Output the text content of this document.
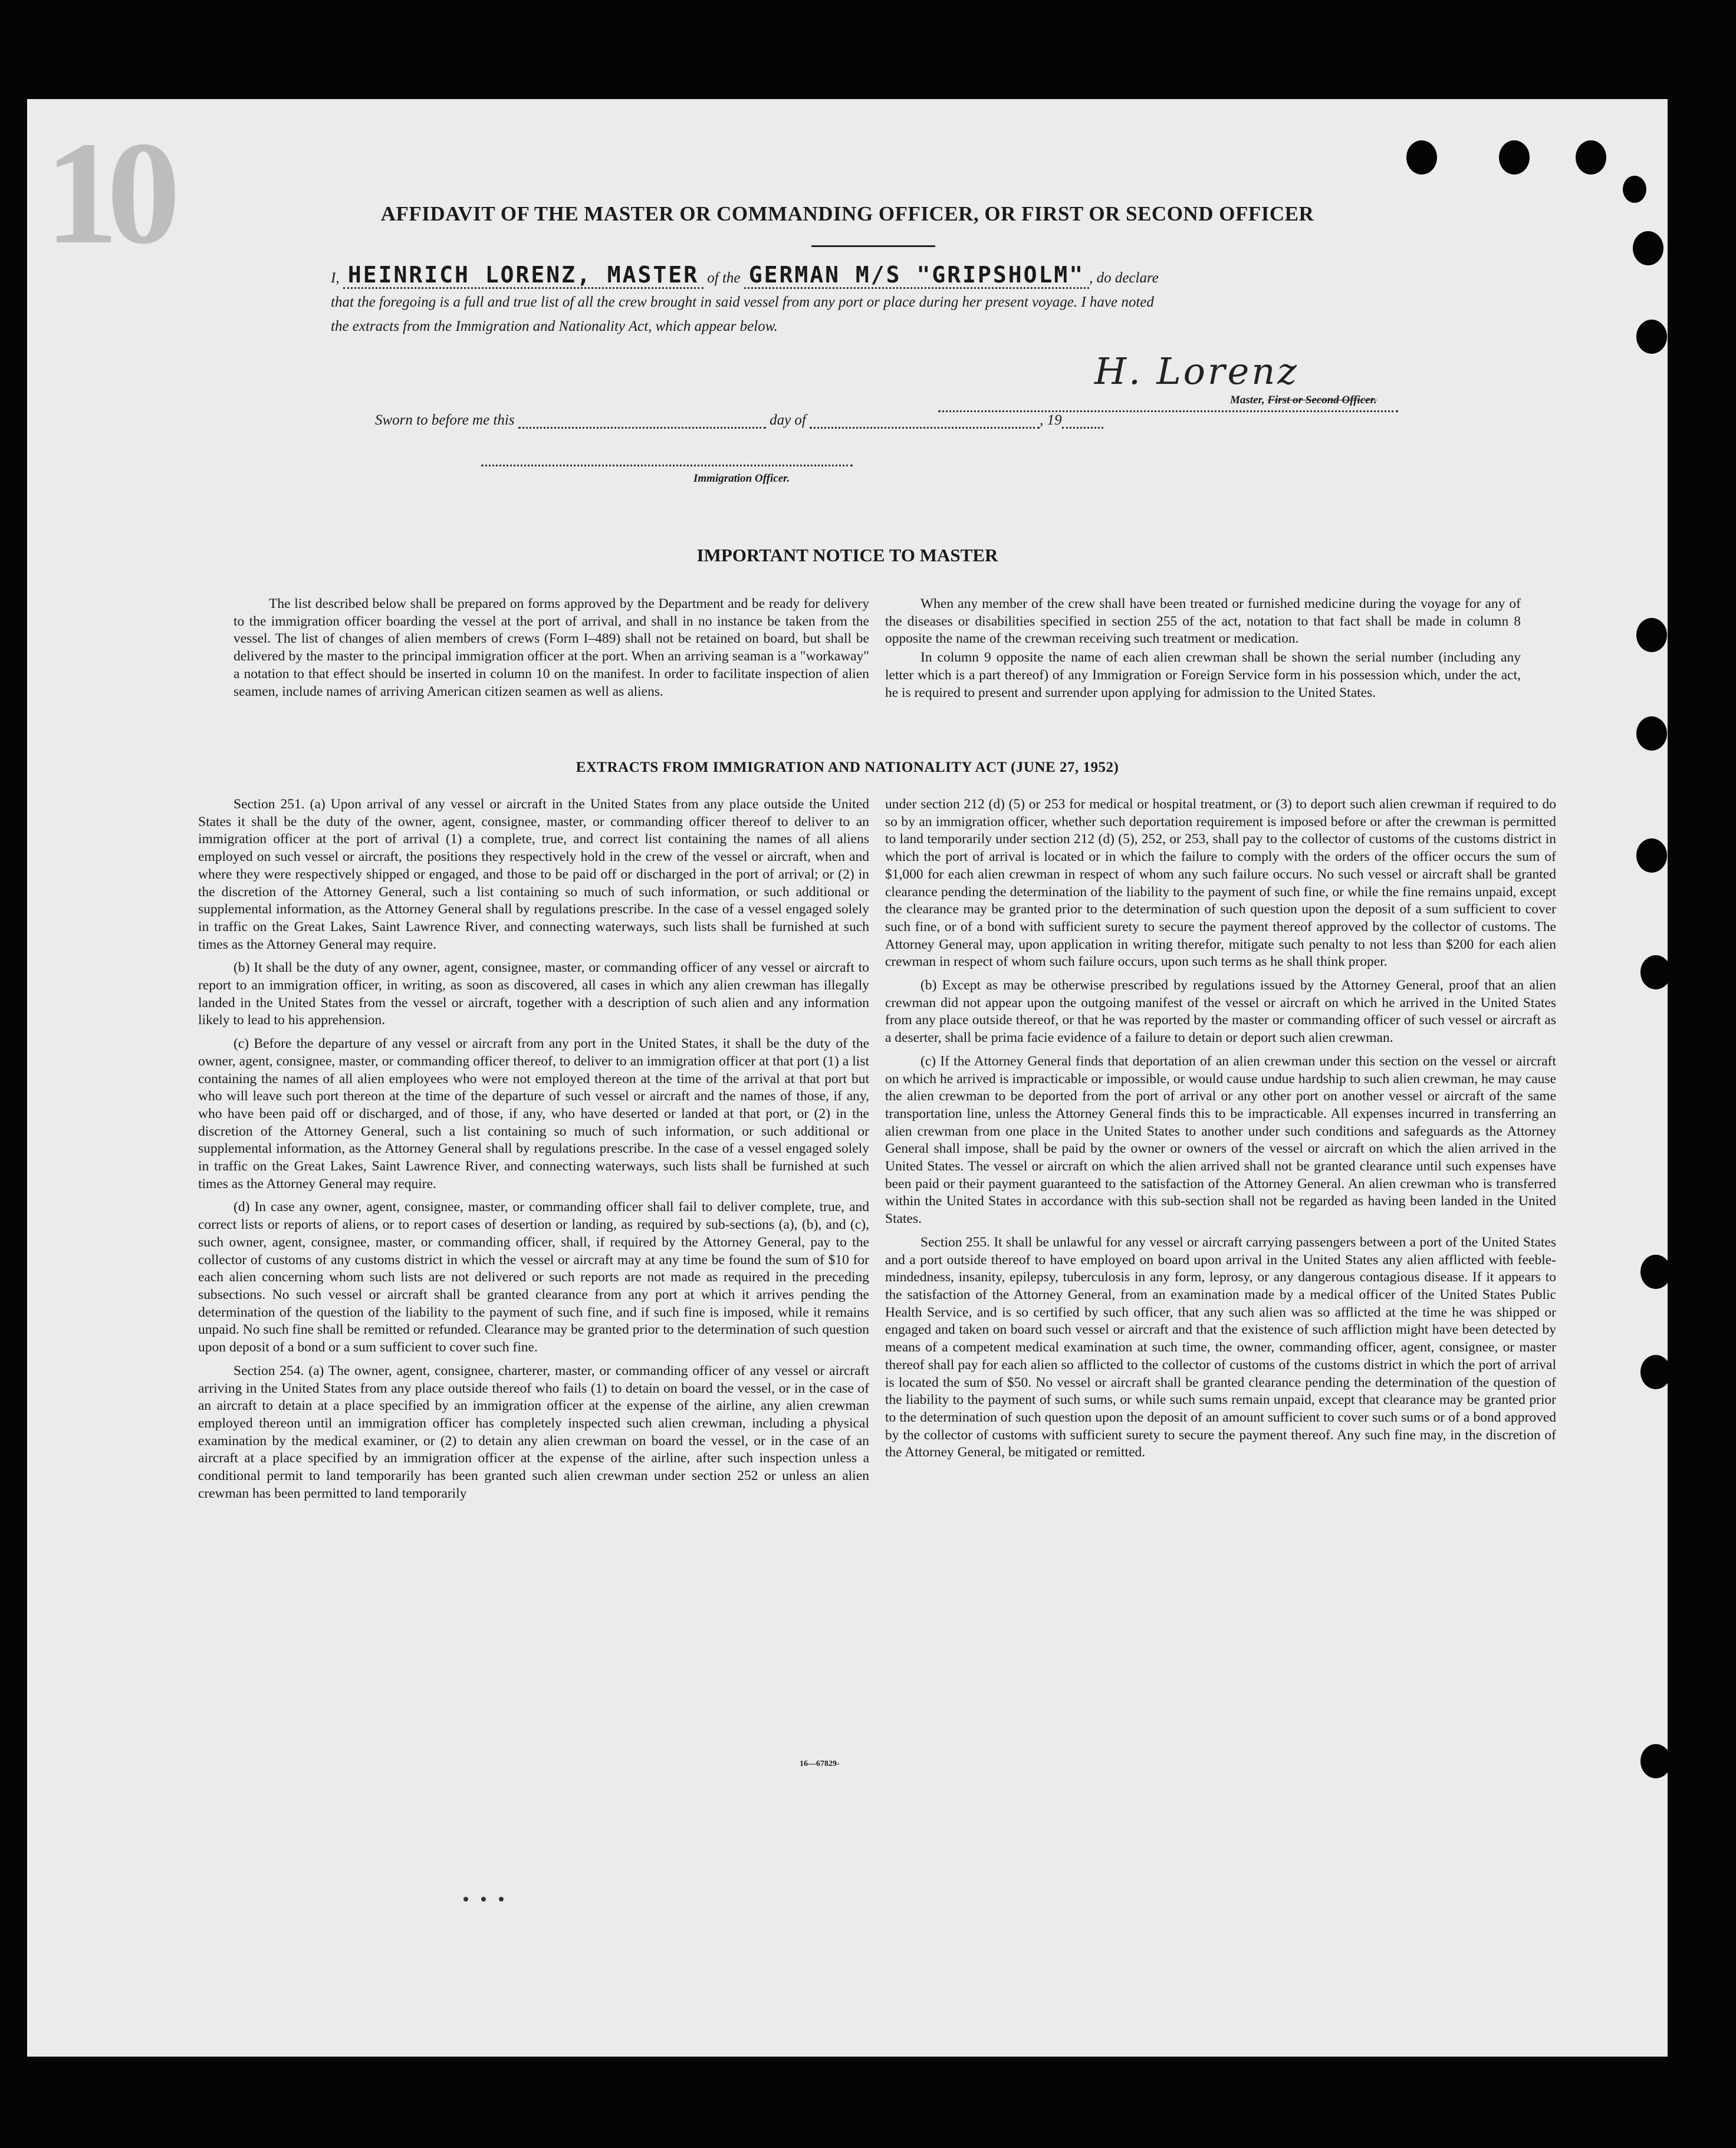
10	AFFIDAVIT OF THE MASTER OR COMMANDING OFFICER, OR FIRST OR SECOND OFFICER
I, HEINRICH LORENZ, MASTER of the GERMAN M/S "GRIPSHOLM" , do declare
that the foregoing is a full and true list of all the crew brought in said vessel from any port or place during her present voyage. I have noted
the extracts from the Immigration and Nationality Act, which appear below.
H. Lorenz
Master, First or Second Officer.
Sworn to before me this	day of	, 19
Immigration Officer.
IMPORTANT NOTICE TO MASTER

The list described below shall be prepared on forms approved by the Department and be ready for delivery to the immigration officer boarding the vessel at the port of arrival, and shall in no instance be taken from the vessel. The list of changes of alien members of crews (Form I–489) shall not be retained on board, but shall be delivered by the master to the principal immigration officer at the port. When an arriving seaman is a "workaway" a notation to that effect should be inserted in column 10 on the manifest. In order to facilitate inspection of alien seamen, include names of arriving American citizen seamen as well as aliens.

When any member of the crew shall have been treated or furnished medicine during the voyage for any of the diseases or disabilities specified in section 255 of the act, notation to that fact shall be made in column 8 opposite the name of the crewman receiving such treatment or medication.

In column 9 opposite the name of each alien crewman shall be shown the serial number (including any letter which is a part thereof) of any Immigration or Foreign Service form in his possession which, under the act, he is required to present and surrender upon applying for admission to the United States.

EXTRACTS FROM IMMIGRATION AND NATIONALITY ACT (JUNE 27, 1952)

Section 251. (a) Upon arrival of any vessel or aircraft in the United States from any place outside the United States it shall be the duty of the owner, agent, consignee, master, or commanding officer thereof to deliver to an immigration officer at the port of arrival (1) a complete, true, and correct list containing the names of all aliens employed on such vessel or aircraft, the positions they respectively hold in the crew of the vessel or aircraft, when and where they were respectively shipped or engaged, and those to be paid off or discharged in the port of arrival; or (2) in the discretion of the Attorney General, such a list containing so much of such information, or such additional or supplemental information, as the Attorney General shall by regulations prescribe. In the case of a vessel engaged solely in traffic on the Great Lakes, Saint Lawrence River, and connecting waterways, such lists shall be furnished at such times as the Attorney General may require.

(b) It shall be the duty of any owner, agent, consignee, master, or commanding officer of any vessel or aircraft to report to an immigration officer, in writing, as soon as discovered, all cases in which any alien crewman has illegally landed in the United States from the vessel or aircraft, together with a description of such alien and any information likely to lead to his apprehension.

(c) Before the departure of any vessel or aircraft from any port in the United States, it shall be the duty of the owner, agent, consignee, master, or commanding officer thereof, to deliver to an immigration officer at that port (1) a list containing the names of all alien employees who were not employed thereon at the time of the arrival at that port but who will leave such port thereon at the time of the departure of such vessel or aircraft and the names of those, if any, who have been paid off or discharged, and of those, if any, who have deserted or landed at that port, or (2) in the discretion of the Attorney General, such a list containing so much of such information, or such additional or supplemental information, as the Attorney General shall by regulations prescribe. In the case of a vessel engaged solely in traffic on the Great Lakes, Saint Lawrence River, and connecting waterways, such lists shall be furnished at such times as the Attorney General may require.

(d) In case any owner, agent, consignee, master, or commanding officer shall fail to deliver complete, true, and correct lists or reports of aliens, or to report cases of desertion or landing, as required by sub-sections (a), (b), and (c), such owner, agent, consignee, master, or commanding officer, shall, if required by the Attorney General, pay to the collector of customs of any customs district in which the vessel or aircraft may at any time be found the sum of $10 for each alien concerning whom such lists are not delivered or such reports are not made as required in the preceding subsections. No such vessel or aircraft shall be granted clearance from any port at which it arrives pending the determination of the question of the liability to the payment of such fine, and if such fine is imposed, while it remains unpaid. No such fine shall be remitted or refunded. Clearance may be granted prior to the determination of such question upon deposit of a bond or a sum sufficient to cover such fine.

Section 254. (a) The owner, agent, consignee, charterer, master, or commanding officer of any vessel or aircraft arriving in the United States from any place outside thereof who fails (1) to detain on board the vessel, or in the case of an aircraft to detain at a place specified by an immigration officer at the expense of the airline, any alien crewman employed thereon until an immigration officer has completely inspected such alien crewman, including a physical examination by the medical examiner, or (2) to detain any alien crewman on board the vessel, or in the case of an aircraft at a place specified by an immigration officer at the expense of the airline, after such inspection unless a conditional permit to land temporarily has been granted such alien crewman under section 252 or unless an alien crewman has been permitted to land temporarily

under section 212 (d) (5) or 253 for medical or hospital treatment, or (3) to deport such alien crewman if required to do so by an immigration officer, whether such deportation requirement is imposed before or after the crewman is permitted to land temporarily under section 212 (d) (5), 252, or 253, shall pay to the collector of customs of the customs district in which the port of arrival is located or in which the failure to comply with the orders of the officer occurs the sum of $1,000 for each alien crewman in respect of whom any such failure occurs. No such vessel or aircraft shall be granted clearance pending the determination of the liability to the payment of such fine, or while the fine remains unpaid, except the clearance may be granted prior to the determination of such question upon the deposit of a sum sufficient to cover such fine, or of a bond with sufficient surety to secure the payment thereof approved by the collector of customs. The Attorney General may, upon application in writing therefor, mitigate such penalty to not less than $200 for each alien crewman in respect of whom such failure occurs, upon such terms as he shall think proper.

(b) Except as may be otherwise prescribed by regulations issued by the Attorney General, proof that an alien crewman did not appear upon the outgoing manifest of the vessel or aircraft on which he arrived in the United States from any place outside thereof, or that he was reported by the master or commanding officer of such vessel or aircraft as a deserter, shall be prima facie evidence of a failure to detain or deport such alien crewman.

(c) If the Attorney General finds that deportation of an alien crewman under this section on the vessel or aircraft on which he arrived is impracticable or impossible, or would cause undue hardship to such alien crewman, he may cause the alien crewman to be deported from the port of arrival or any other port on another vessel or aircraft of the same transportation line, unless the Attorney General finds this to be impracticable. All expenses incurred in transferring an alien crewman from one place in the United States to another under such conditions and safeguards as the Attorney General shall impose, shall be paid by the owner or owners of the vessel or aircraft on which the alien arrived in the United States. The vessel or aircraft on which the alien arrived shall not be granted clearance until such expenses have been paid or their payment guaranteed to the satisfaction of the Attorney General. An alien crewman who is transferred within the United States in accordance with this sub-section shall not be regarded as having been landed in the United States.

Section 255. It shall be unlawful for any vessel or aircraft carrying passengers between a port of the United States and a port outside thereof to have employed on board upon arrival in the United States any alien afflicted with feeble-mindedness, insanity, epilepsy, tuberculosis in any form, leprosy, or any dangerous contagious disease. If it appears to the satisfaction of the Attorney General, from an examination made by a medical officer of the United States Public Health Service, and is so certified by such officer, that any such alien was so afflicted at the time he was shipped or engaged and taken on board such vessel or aircraft and that the existence of such affliction might have been detected by means of a competent medical examination at such time, the owner, commanding officer, agent, consignee, or master thereof shall pay for each alien so afflicted to the collector of customs of the customs district in which the port of arrival is located the sum of $50. No vessel or aircraft shall be granted clearance pending the determination of the question of the liability to the payment of such sums, or while such sums remain unpaid, except that clearance may be granted prior to the determination of such question upon the deposit of an amount sufficient to cover such sums or of a bond approved by the collector of customs with sufficient surety to secure the payment thereof. Any such fine may, in the discretion of the Attorney General, be mitigated or remitted.

16—67829-
